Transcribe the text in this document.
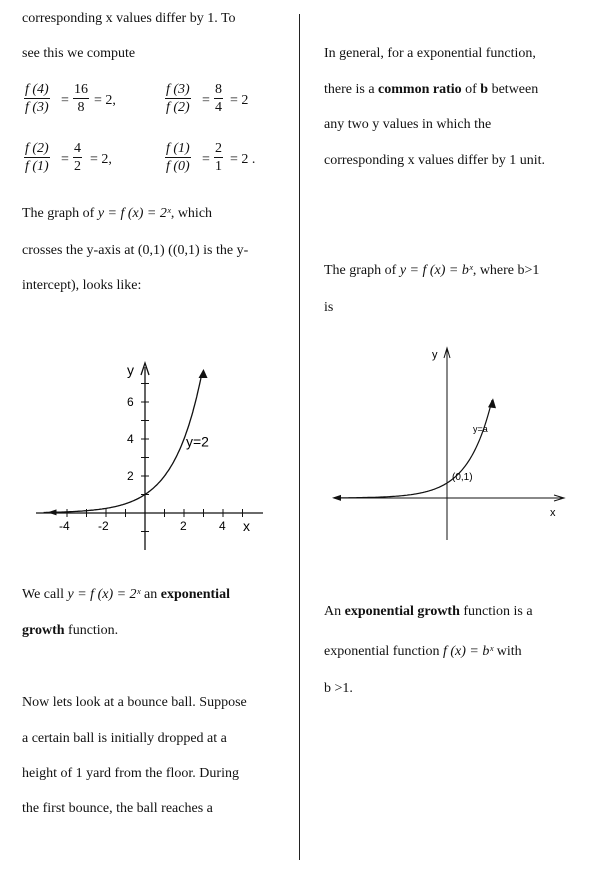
corresponding x values differ by 1. To
see this we compute
$\frac{f (4)}{f (3)} = \frac{16}{8} = 2$,	$\frac{f (3)}{f (2)} = \frac{8}{4} = 2$
$\frac{f (2)}{f (1)} = \frac{4}{2} = 2$,	$\frac{f (1)}{f (0)} = \frac{2}{1} = 2$ .
The graph of y = f (x) = 2ˣ, which
crosses the y-axis at (0,1) ((0,1) is the y-
intercept), looks like:
y
x
y=2
2
4
6
-4 -2	2	4
We call y = f (x) = 2ˣ an exponential
growth function.
Now lets look at a bounce ball. Suppose
a certain ball is initially dropped at a
height of 1 yard from the floor. During
the first bounce, the ball reaches a
In general, for a exponential function,
there is a common ratio of b between
any two y values in which the
corresponding x values differ by 1 unit.
The graph of y = f (x) = bˣ, where b>1
is
y
x
y=a
(0,1)
An exponential growth function is a
exponential function f (x) = bˣ with
b >1.
